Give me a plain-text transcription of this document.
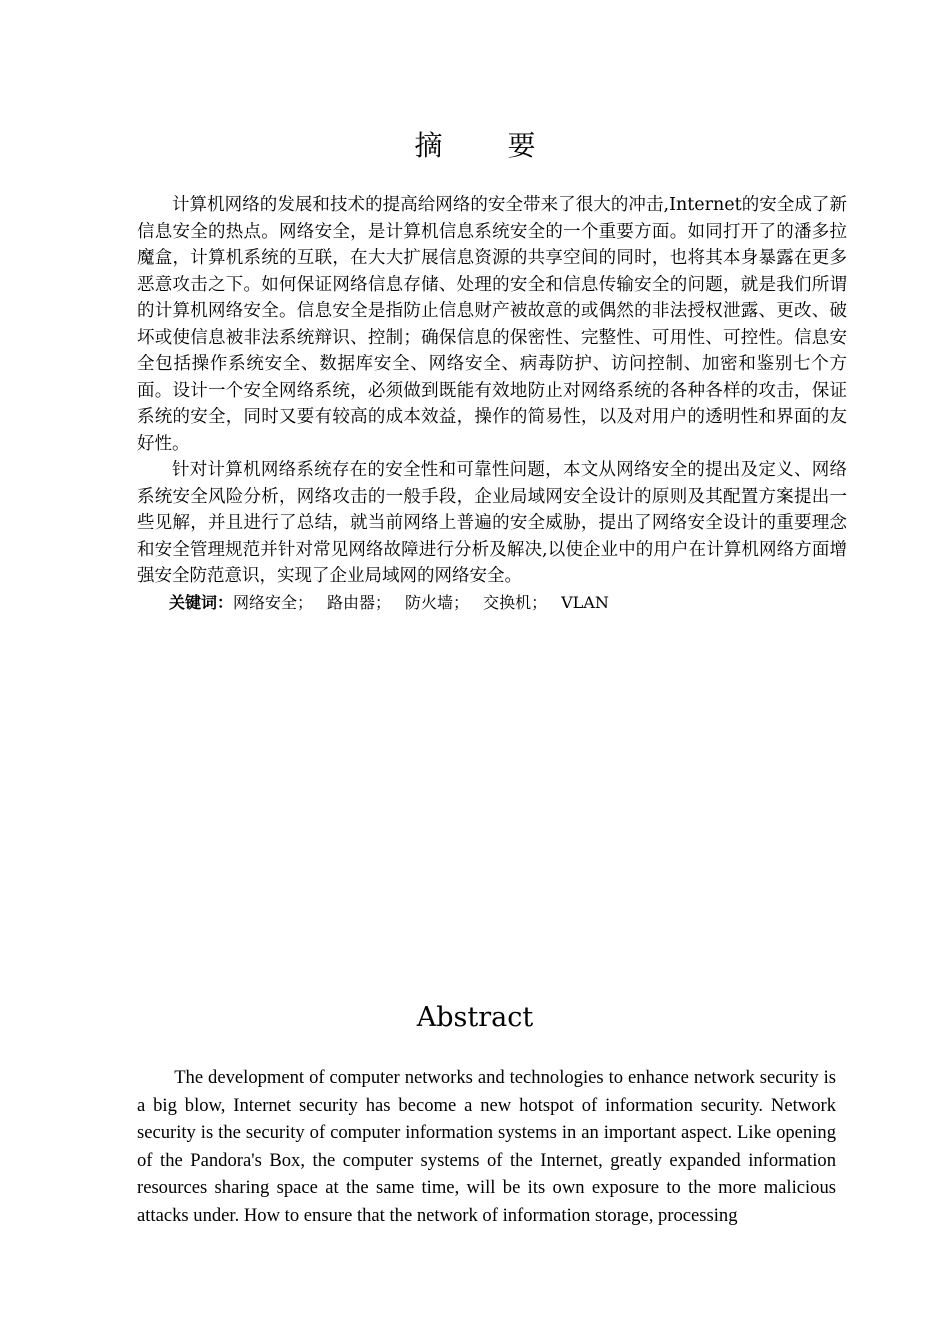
摘 要

计算机网络的发展和技术的提高给网络的安全带来了很大的冲击,Internet的安全成了新信息安全的热点。网络安全，是计算机信息系统安全的一个重要方面。如同打开了的潘多拉魔盒，计算机系统的互联，在大大扩展信息资源的共享空间的同时，也将其本身暴露在更多恶意攻击之下。如何保证网络信息存储、处理的安全和信息传输安全的问题，就是我们所谓的计算机网络安全。信息安全是指防止信息财产被故意的或偶然的非法授权泄露、更改、破坏或使信息被非法系统辩识、控制；确保信息的保密性、完整性、可用性、可控性。信息安全包括操作系统安全、数据库安全、网络安全、病毒防护、访问控制、加密和鉴别七个方面。设计一个安全网络系统，必须做到既能有效地防止对网络系统的各种各样的攻击，保证系统的安全，同时又要有较高的成本效益，操作的简易性，以及对用户的透明性和界面的友好性。

针对计算机网络系统存在的安全性和可靠性问题，本文从网络安全的提出及定义、网络系统安全风险分析，网络攻击的一般手段，企业局域网安全设计的原则及其配置方案提出一些见解，并且进行了总结，就当前网络上普遍的安全威胁，提出了网络安全设计的重要理念和安全管理规范并针对常见网络故障进行分析及解决,以使企业中的用户在计算机网络方面增强安全防范意识，实现了企业局域网的网络安全。

关键词：网络安全； 路由器； 防火墙； 交换机； VLAN

Abstract

The development of computer networks and technologies to enhance network security is a big blow, Internet security has become a new hotspot of information security. Network security is the security of computer information systems in an important aspect. Like opening of the Pandora's Box, the computer systems of the Internet, greatly expanded information resources sharing space at the same time, will be its own exposure to the more malicious attacks under. How to ensure that the network of information storage, processing
